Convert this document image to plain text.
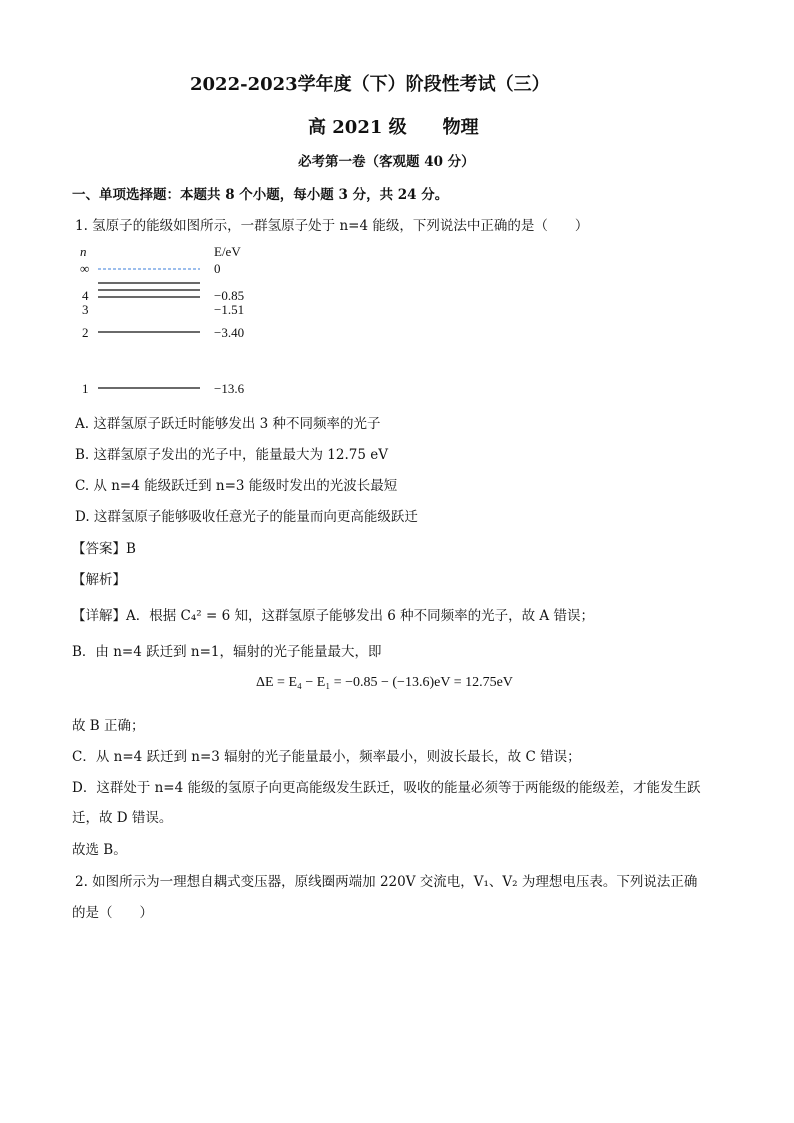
2022-2023学年度（下）阶段性考试（三）
高 2021 级　　物理
必考第一卷（客观题 40 分）
一、单项选择题：本题共 8 个小题，每小题 3 分，共 24 分。
1. 氢原子的能级如图所示，一群氢原子处于 n=4 能级，下列说法中正确的是（　　）
n	E/eV
∞	0
4	−0.85
3	−1.51
2	−3.40
1	−13.6
A. 这群氢原子跃迁时能够发出 3 种不同频率的光子
B. 这群氢原子发出的光子中，能量最大为 12.75 eV
C. 从 n=4 能级跃迁到 n=3 能级时发出的光波长最短
D. 这群氢原子能够吸收任意光子的能量而向更高能级跃迁
【答案】B
【解析】
【详解】A．根据 C₄² = 6 知，这群氢原子能够发出 6 种不同频率的光子，故 A 错误；
B．由 n=4 跃迁到 n=1，辐射的光子能量最大，即
ΔE = E₄ − E₁ = −0.85 − (−13.6)eV = 12.75eV
故 B 正确；
C．从 n=4 跃迁到 n=3 辐射的光子能量最小，频率最小，则波长最长，故 C 错误；
D．这群处于 n=4 能级的氢原子向更高能级发生跃迁，吸收的能量必须等于两能级的能级差，才能发生跃
迁，故 D 错误。
故选 B。
2. 如图所示为一理想自耦式变压器，原线圈两端加 220V 交流电，V₁、V₂ 为理想电压表。下列说法正确
的是（　　）
